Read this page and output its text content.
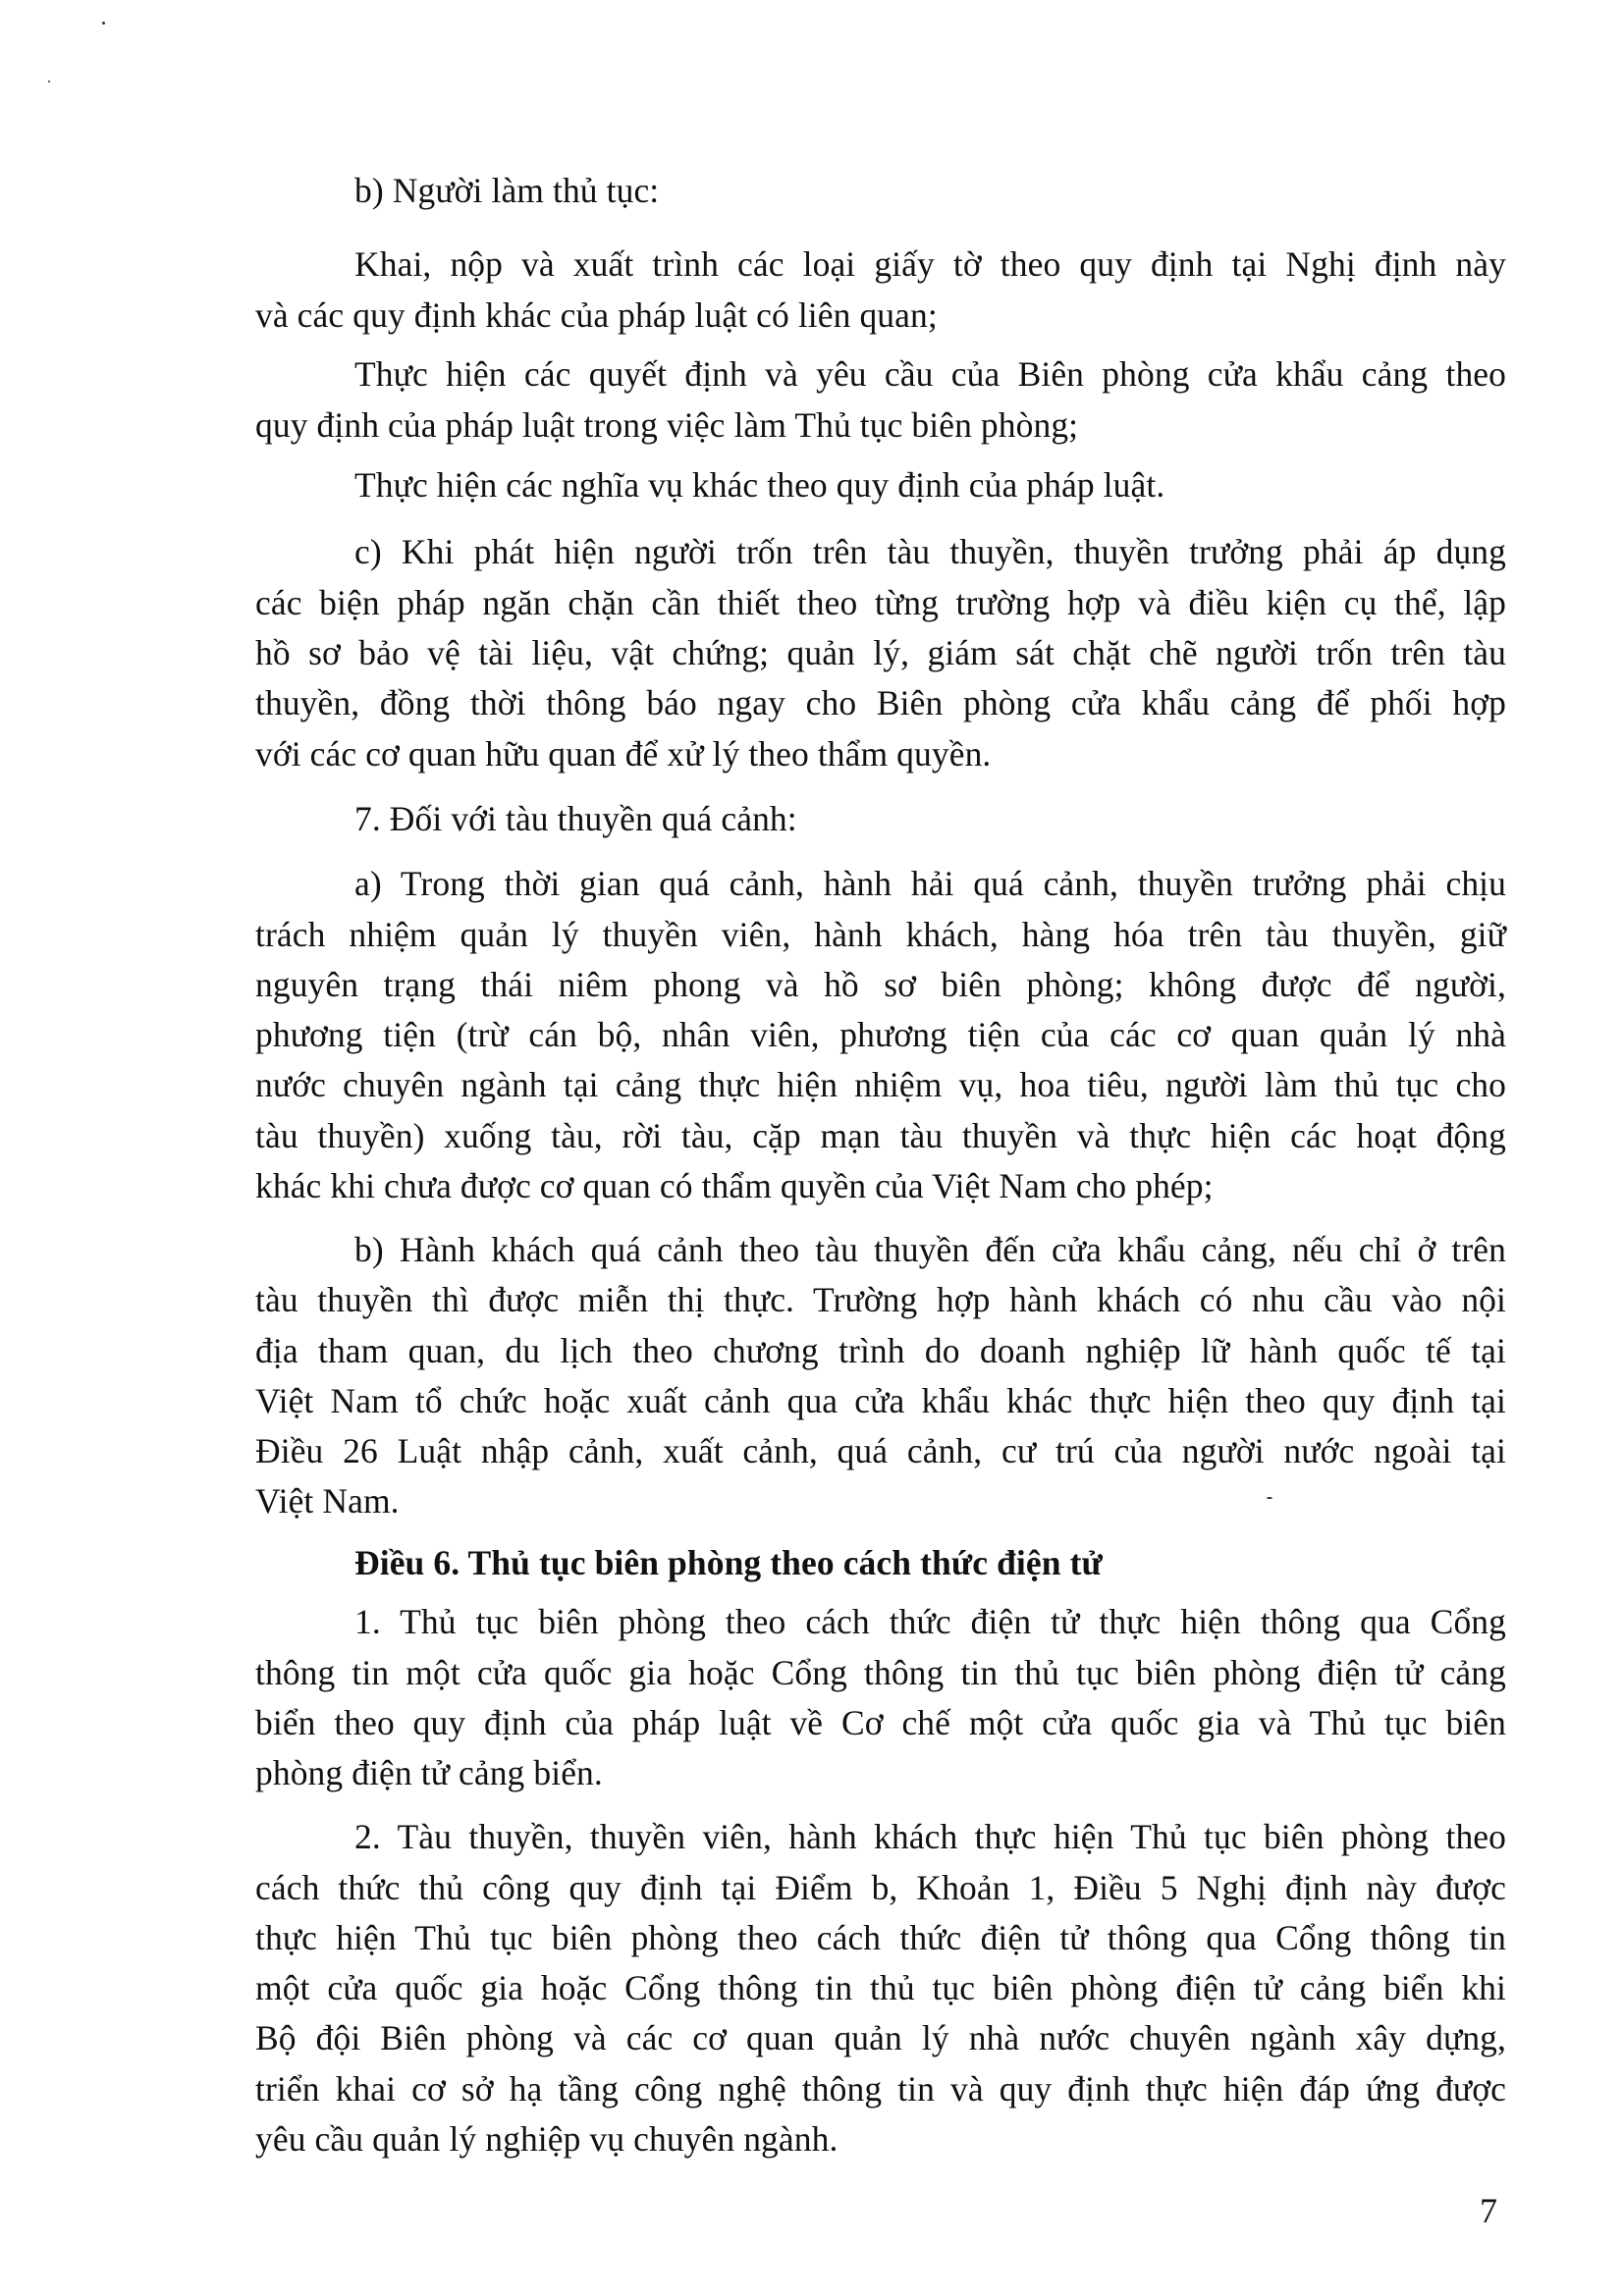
b) Người làm thủ tục:
Khai, nộp và xuất trình các loại giấy tờ theo quy định tại Nghị định này
và các quy định khác của pháp luật có liên quan;
Thực hiện các quyết định và yêu cầu của Biên phòng cửa khẩu cảng theo
quy định của pháp luật trong việc làm Thủ tục biên phòng;
Thực hiện các nghĩa vụ khác theo quy định của pháp luật.
c) Khi phát hiện người trốn trên tàu thuyền, thuyền trưởng phải áp dụng
các biện pháp ngăn chặn cần thiết theo từng trường hợp và điều kiện cụ thể, lập
hồ sơ bảo vệ tài liệu, vật chứng; quản lý, giám sát chặt chẽ người trốn trên tàu
thuyền, đồng thời thông báo ngay cho Biên phòng cửa khẩu cảng để phối hợp
với các cơ quan hữu quan để xử lý theo thẩm quyền.
7. Đối với tàu thuyền quá cảnh:
a) Trong thời gian quá cảnh, hành hải quá cảnh, thuyền trưởng phải chịu
trách nhiệm quản lý thuyền viên, hành khách, hàng hóa trên tàu thuyền, giữ
nguyên trạng thái niêm phong và hồ sơ biên phòng; không được để người,
phương tiện (trừ cán bộ, nhân viên, phương tiện của các cơ quan quản lý nhà
nước chuyên ngành tại cảng thực hiện nhiệm vụ, hoa tiêu, người làm thủ tục cho
tàu thuyền) xuống tàu, rời tàu, cặp mạn tàu thuyền và thực hiện các hoạt động
khác khi chưa được cơ quan có thẩm quyền của Việt Nam cho phép;
b) Hành khách quá cảnh theo tàu thuyền đến cửa khẩu cảng, nếu chỉ ở trên
tàu thuyền thì được miễn thị thực. Trường hợp hành khách có nhu cầu vào nội
địa tham quan, du lịch theo chương trình do doanh nghiệp lữ hành quốc tế tại
Việt Nam tổ chức hoặc xuất cảnh qua cửa khẩu khác thực hiện theo quy định tại
Điều 26 Luật nhập cảnh, xuất cảnh, quá cảnh, cư trú của người nước ngoài tại
Việt Nam.
Điều 6. Thủ tục biên phòng theo cách thức điện tử
1. Thủ tục biên phòng theo cách thức điện tử thực hiện thông qua Cổng
thông tin một cửa quốc gia hoặc Cổng thông tin thủ tục biên phòng điện tử cảng
biển theo quy định của pháp luật về Cơ chế một cửa quốc gia và Thủ tục biên
phòng điện tử cảng biển.
2. Tàu thuyền, thuyền viên, hành khách thực hiện Thủ tục biên phòng theo
cách thức thủ công quy định tại Điểm b, Khoản 1, Điều 5 Nghị định này được
thực hiện Thủ tục biên phòng theo cách thức điện tử thông qua Cổng thông tin
một cửa quốc gia hoặc Cổng thông tin thủ tục biên phòng điện tử cảng biển khi
Bộ đội Biên phòng và các cơ quan quản lý nhà nước chuyên ngành xây dựng,
triển khai cơ sở hạ tầng công nghệ thông tin và quy định thực hiện đáp ứng được
yêu cầu quản lý nghiệp vụ chuyên ngành.
7
